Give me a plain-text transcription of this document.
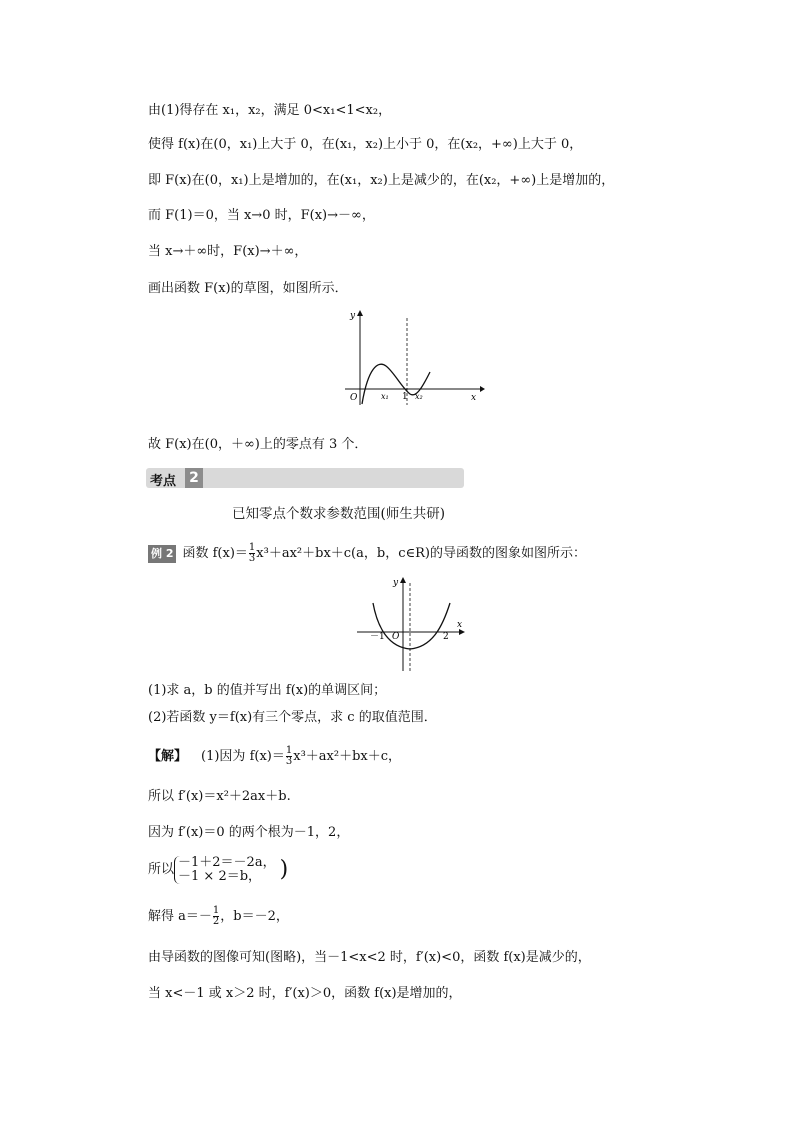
由(1)得存在 x₁，x₂，满足 0<x₁<1<x₂，
使得 f(x)在(0，x₁)上大于 0，在(x₁，x₂)上小于 0，在(x₂，+∞)上大于 0，
即 F(x)在(0，x₁)上是增加的，在(x₁，x₂)上是减少的，在(x₂，+∞)上是增加的，
而 F(1)＝0，当 x→0 时，F(x)→－∞，
当 x→＋∞时，F(x)→＋∞，
画出函数 F(x)的草图，如图所示．
y
x
O	x₁ 1 x₂
故 F(x)在(0，＋∞)上的零点有 3 个．
考点 2
已知零点个数求参数范围(师生共研)
例 2 函数 $f(x)= \frac{1}{3} x^3+ax^2+bx+c(a$，b，c∈R)的导函数的图象如图所示：
y
x
O
－1	2
(1)求 a，b 的值并写出 f(x)的单调区间；
(2)若函数 y＝f(x)有三个零点，求 c 的取值范围．
【解】 (1)因为 $f(x)= \frac{1}{3} x^3+ax^2+bx+c$，
所以 f′(x)＝x²＋2ax＋b.
因为 f′(x)＝0 的两个根为－1，2，
所以 －1＋2＝－2a，
－1 × 2＝b， )
解得 $a=- \frac{1}{2}$ ，b＝－2，
由导函数的图像可知(图略)，当－1<x<2 时，f′(x)<0，函数 f(x)是减少的，
当 x<－1 或 x＞2 时，f′(x)＞0，函数 f(x)是增加的，
